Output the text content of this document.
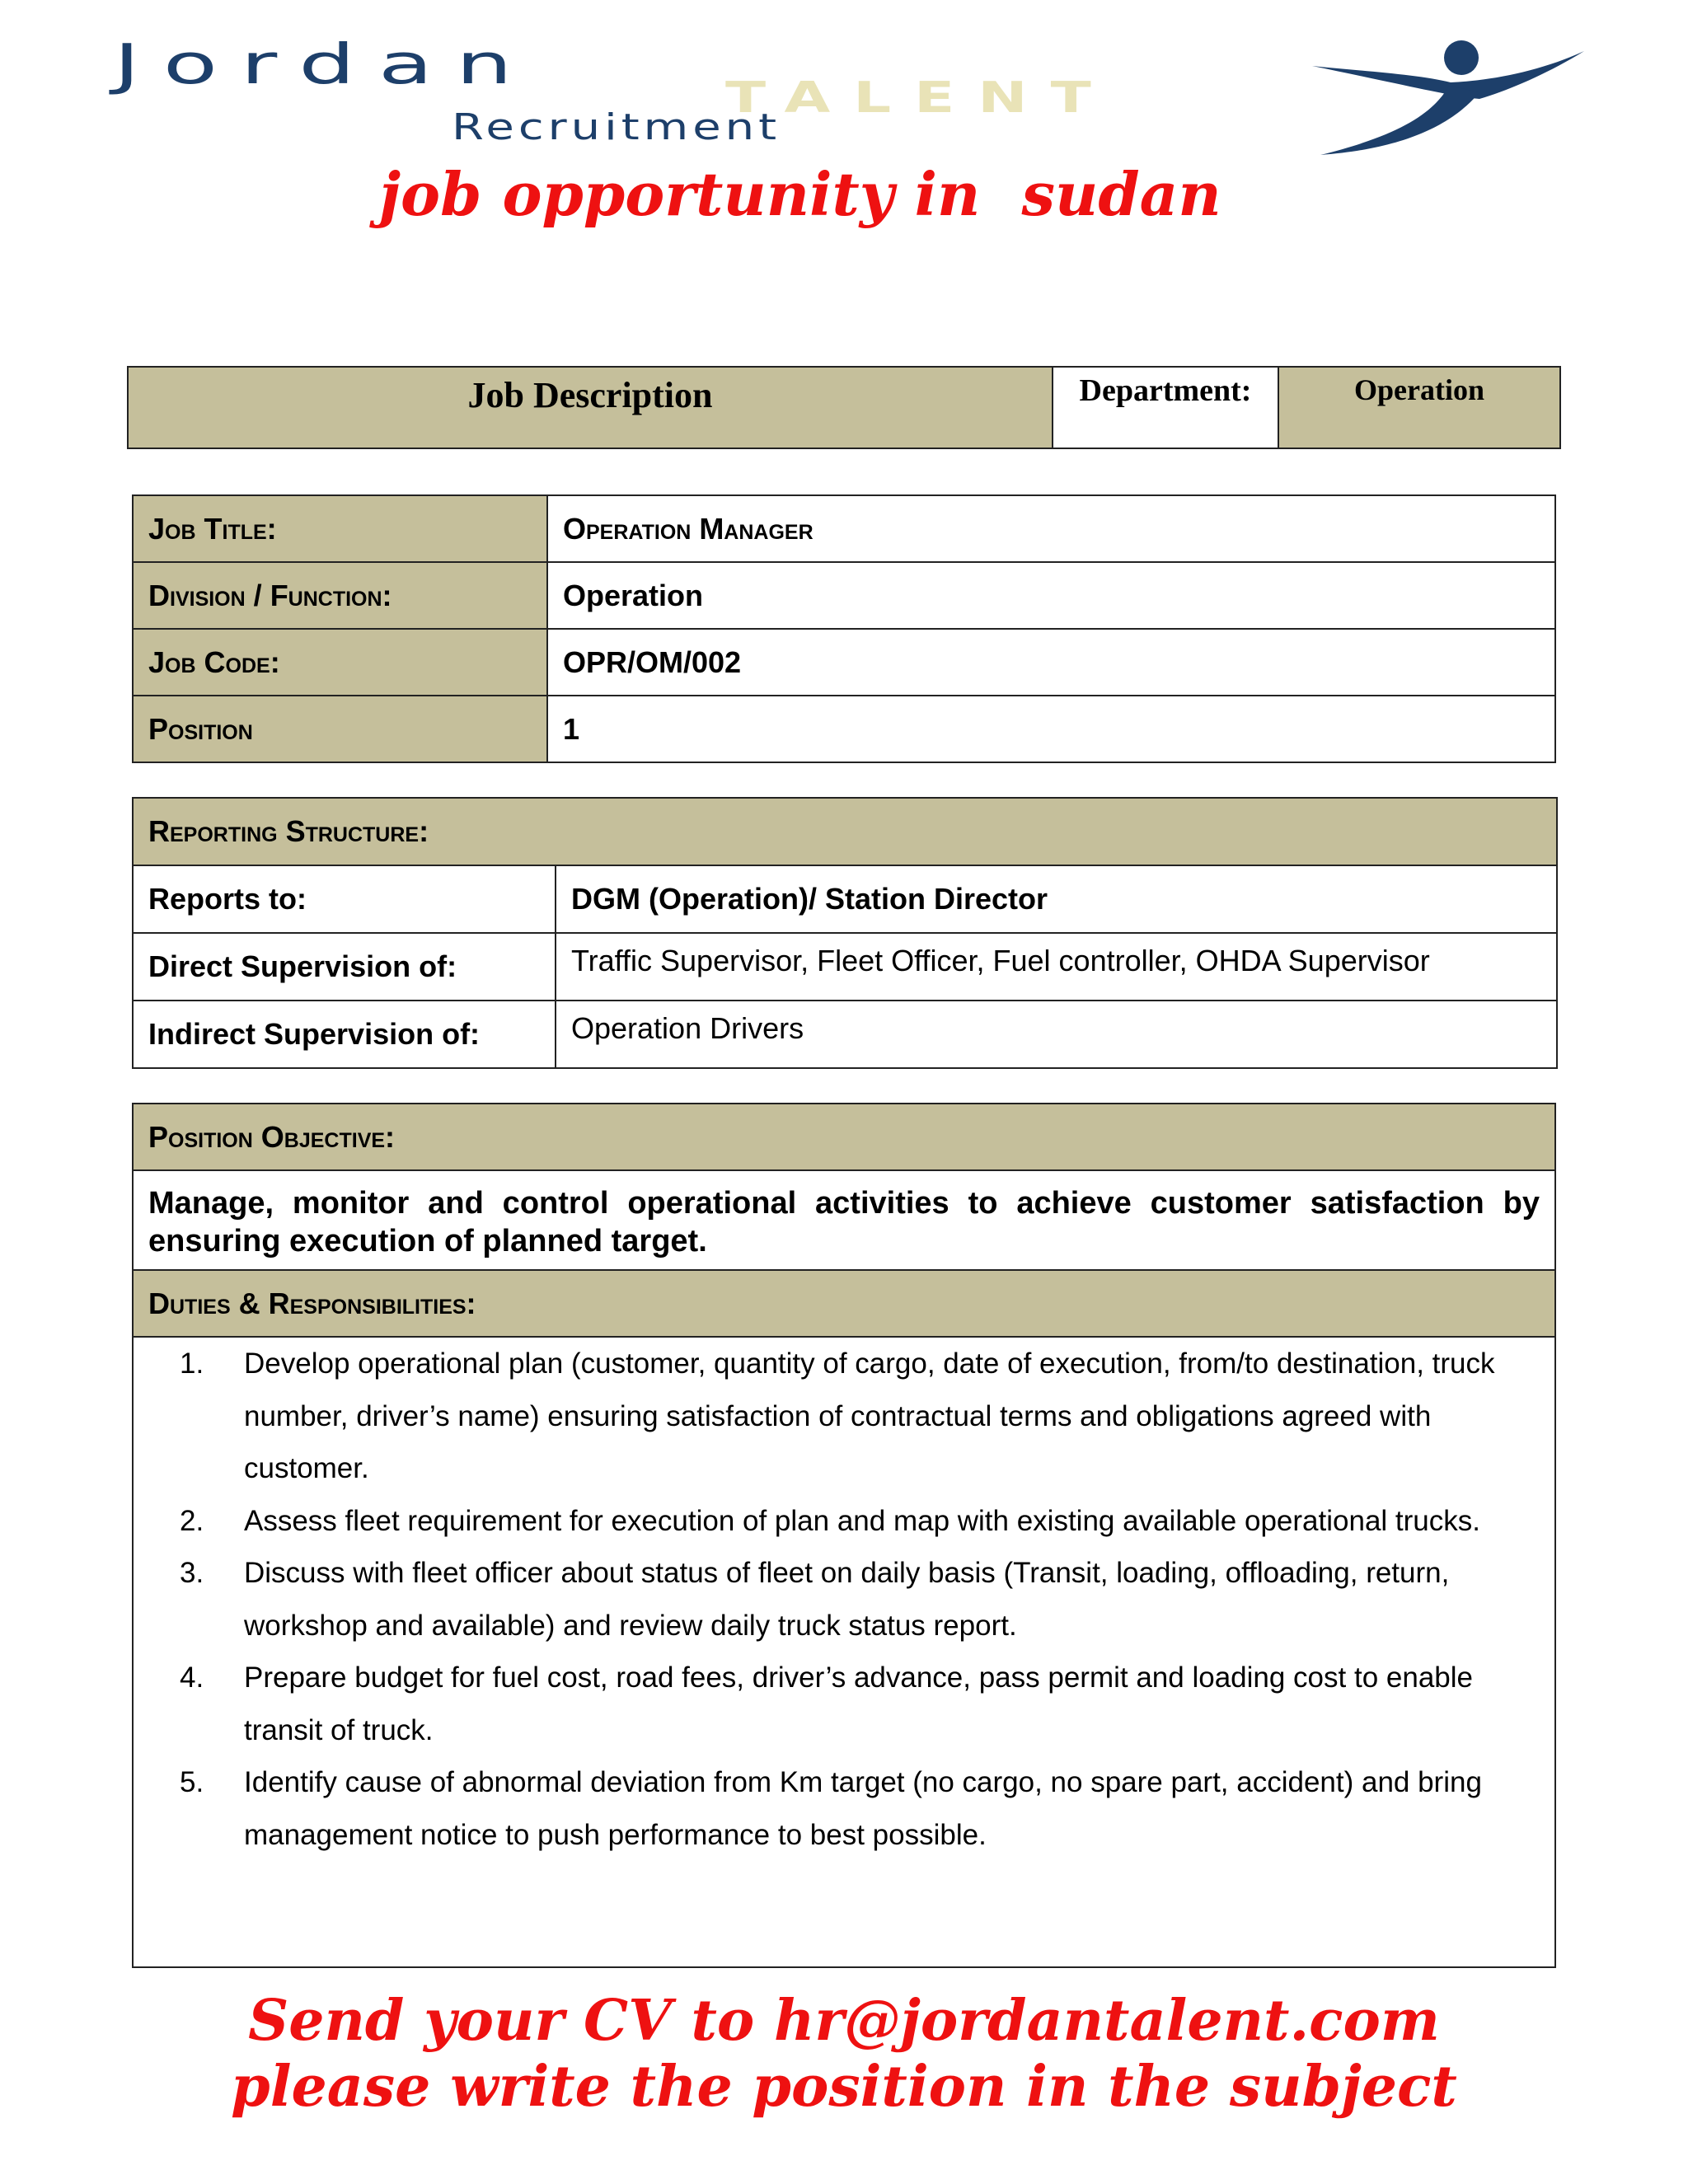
Jordan
TALENT
Recruitment
job opportunity in  sudan
Job Description	Department:	Operation
Job Title:	Operation Manager
Division / Function:	Operation
Job Code:	OPR/OM/002
Position	1
Reporting Structure:	
Reports to:	DGM (Operation)/ Station Director
Direct Supervision of:	Traffic Supervisor, Fleet Officer, Fuel controller, OHDA Supervisor
Indirect Supervision of:	Operation Drivers
Position Objective:
Manage, monitor and control operational activities to achieve customer satisfaction by ensuring execution of planned target.
Duties & Responsibilities:

1. Develop operational plan (customer, quantity of cargo, date of execution, from/to destination, truck number, driver’s name) ensuring satisfaction of contractual terms and obligations agreed with customer.
2. Assess fleet requirement for execution of plan and map with existing available operational trucks.
3. Discuss with fleet officer about status of fleet on daily basis (Transit, loading, offloading, return, workshop and available) and review daily truck status report.
4. Prepare budget for fuel cost, road fees, driver’s advance, pass permit and loading cost to enable transit of truck.
5. Identify cause of abnormal deviation from Km target (no cargo, no spare part, accident) and bring management notice to push performance to best possible.
Send your CV to hr@jordantalent.com
please write the position in the subject
